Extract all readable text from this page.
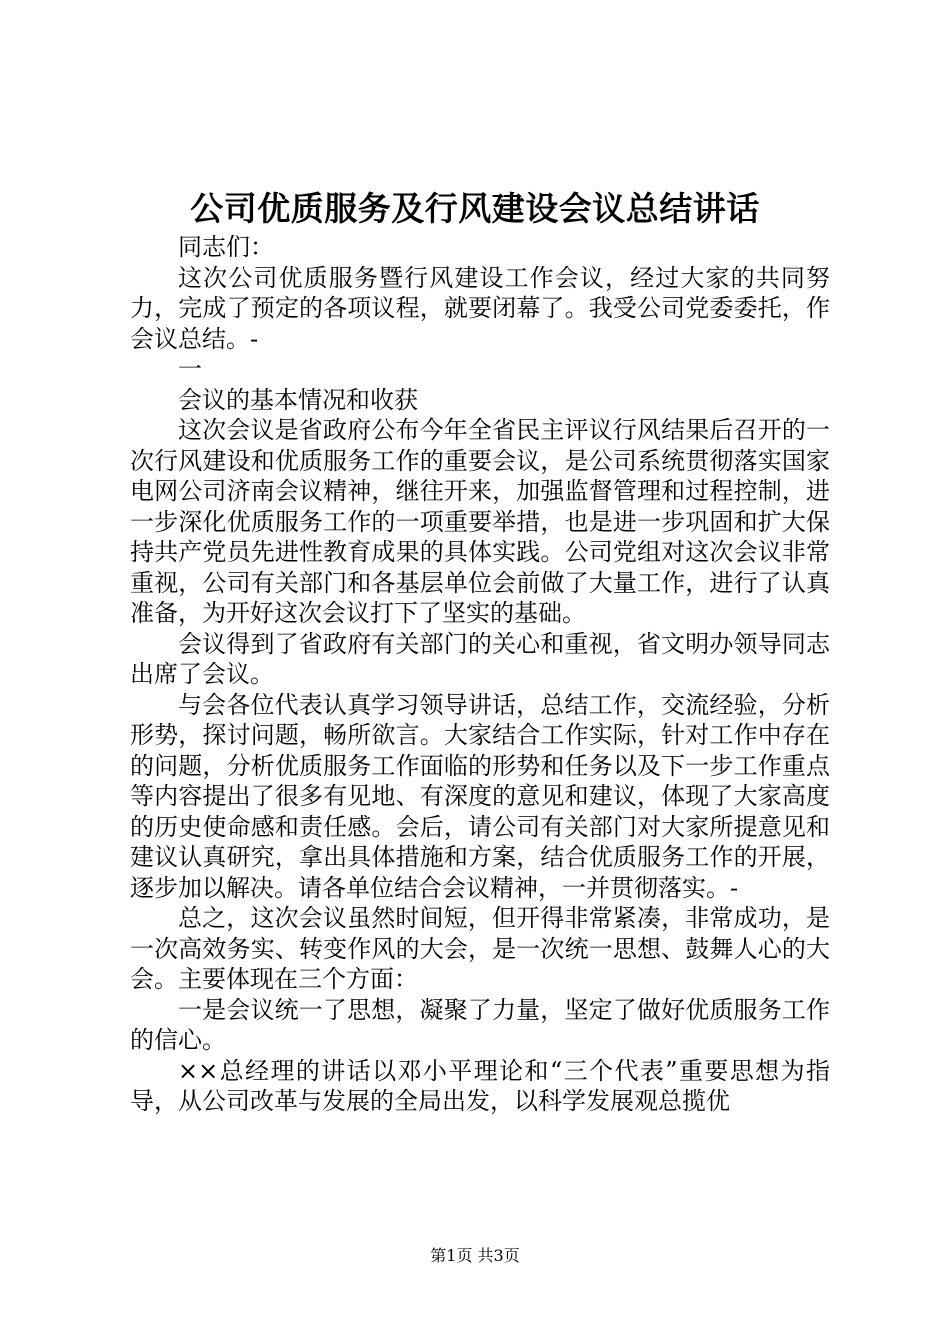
公司优质服务及行风建设会议总结讲话

同志们：

这次公司优质服务暨行风建设工作会议，经过大家的共同努力，完成了预定的各项议程，就要闭幕了。我受公司党委委托，作会议总结。-

一

会议的基本情况和收获

这次会议是省政府公布今年全省民主评议行风结果后召开的一次行风建设和优质服务工作的重要会议，是公司系统贯彻落实国家电网公司济南会议精神，继往开来，加强监督管理和过程控制，进一步深化优质服务工作的一项重要举措，也是进一步巩固和扩大保持共产党员先进性教育成果的具体实践。公司党组对这次会议非常重视，公司有关部门和各基层单位会前做了大量工作，进行了认真准备，为开好这次会议打下了坚实的基础。

会议得到了省政府有关部门的关心和重视，省文明办领导同志出席了会议。

与会各位代表认真学习领导讲话，总结工作，交流经验，分析形势，探讨问题，畅所欲言。大家结合工作实际，针对工作中存在的问题，分析优质服务工作面临的形势和任务以及下一步工作重点等内容提出了很多有见地、有深度的意见和建议，体现了大家高度的历史使命感和责任感。会后，请公司有关部门对大家所提意见和建议认真研究，拿出具体措施和方案，结合优质服务工作的开展，逐步加以解决。请各单位结合会议精神，一并贯彻落实。-

总之，这次会议虽然时间短，但开得非常紧凑，非常成功，是一次高效务实、转变作风的大会，是一次统一思想、鼓舞人心的大会。主要体现在三个方面：

一是会议统一了思想，凝聚了力量，坚定了做好优质服务工作的信心。

××总经理的讲话以邓小平理论和“三个代表”重要思想为指导，从公司改革与发展的全局出发，以科学发展观总揽优

第1页 共3页
